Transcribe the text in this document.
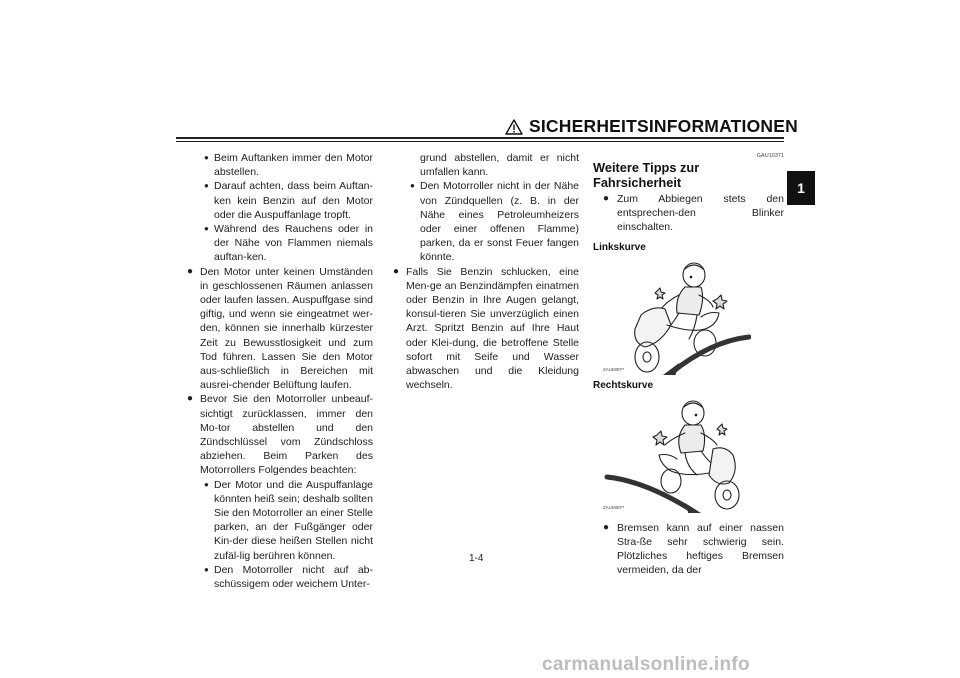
SICHERHEITSINFORMATIONEN
1
● Beim Auftanken immer den Motor abstellen.
● Darauf achten, dass beim Auftan-ken kein Benzin auf den Motor oder die Auspuffanlage tropft.
● Während des Rauchens oder in der Nähe von Flammen niemals auftan-ken.
● Den Motor unter keinen Umständen in geschlossenen Räumen anlassen oder laufen lassen. Auspuffgase sind giftig, und wenn sie eingeatmet wer-den, können sie innerhalb kürzester Zeit zu Bewusstlosigkeit und zum Tod führen. Lassen Sie den Motor aus-schließlich in Bereichen mit ausrei-chender Belüftung laufen.
● Bevor Sie den Motorroller unbeauf-sichtigt zurücklassen, immer den Mo-tor abstellen und den Zündschlüssel vom Zündschloss abziehen. Beim Parken des Motorrollers Folgendes beachten:
● Der Motor und die Auspuffanlage könnten heiß sein; deshalb sollten Sie den Motorroller an einer Stelle parken, an der Fußgänger oder Kin-der diese heißen Stellen nicht zufäl-lig berühren können.
● Den Motorroller nicht auf ab-schüssigem oder weichem Unter-
grund abstellen, damit er nicht umfallen kann.
● Den Motorroller nicht in der Nähe von Zündquellen (z. B. in der Nähe eines Petroleumheizers oder einer offenen Flamme) parken, da er sonst Feuer fangen könnte.
● Falls Sie Benzin schlucken, eine Men-ge an Benzindämpfen einatmen oder Benzin in Ihre Augen gelangt, konsul-tieren Sie unverzüglich einen Arzt. Spritzt Benzin auf Ihre Haut oder Klei-dung, die betroffene Stelle sofort mit Seife und Wasser abwaschen und die Kleidung wechseln.
GAU10371
Weitere Tipps zur Fahrsicherheit
● Zum Abbiegen stets den entsprechen-den Blinker einschalten.
Linkskurve
ZAUM00**
Rechtskurve
ZAUM00**
● Bremsen kann auf einer nassen Stra-ße sehr schwierig sein. Plötzliches heftiges Bremsen vermeiden, da der
1-4
carmanualsonline.info
